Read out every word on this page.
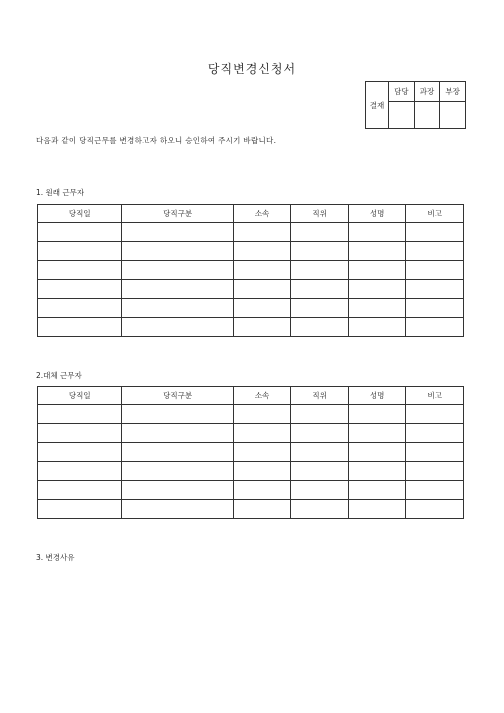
당직변경신청서
결재	담당	과장	부장

다음과 같이 당직근무를 변경하고자 하오니 승인하여 주시기 바랍니다.
1. 원래 근무자
당직일	당직구분	소속	직위	성명	비고

2.대체 근무자
당직일	당직구분	소속	직위	성명	비고

3. 변경사유
